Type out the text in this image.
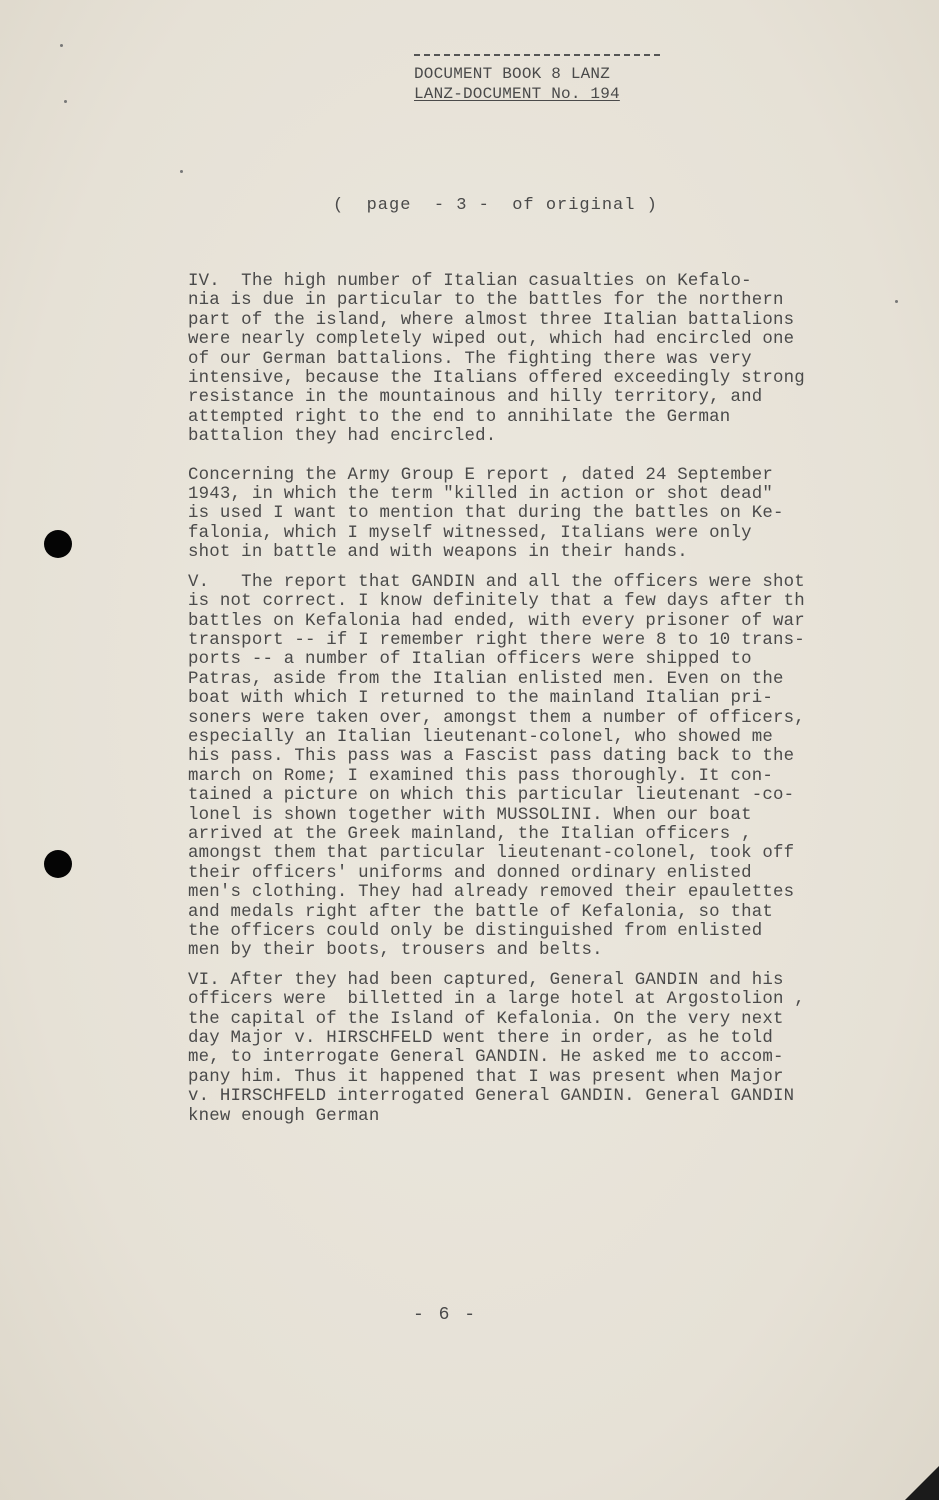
DOCUMENT BOOK 8 LANZ
LANZ-DOCUMENT No. 194
(  page  - 3 -  of original )

IV.  The high number of Italian casualties on Kefalo-
nia is due in particular to the battles for the northern
part of the island, where almost three Italian battalions
were nearly completely wiped out, which had encircled one
of our German battalions. The fighting there was very
intensive, because the Italians offered exceedingly strong
resistance in the mountainous and hilly territory, and
attempted right to the end to annihilate the German
battalion they had encircled.

Concerning the Army Group E report , dated 24 September
1943, in which the term "killed in action or shot dead"
is used I want to mention that during the battles on Ke-
falonia, which I myself witnessed, Italians were only
shot in battle and with weapons in their hands.

V.   The report that GANDIN and all the officers were shot
is not correct. I know definitely that a few days after th
battles on Kefalonia had ended, with every prisoner of war
transport -- if I remember right there were 8 to 10 trans-
ports -- a number of Italian officers were shipped to
Patras, aside from the Italian enlisted men. Even on the
boat with which I returned to the mainland Italian pri-
soners were taken over, amongst them a number of officers,
especially an Italian lieutenant-colonel, who showed me
his pass. This pass was a Fascist pass dating back to the
march on Rome; I examined this pass thoroughly. It con-
tained a picture on which this particular lieutenant -co-
lonel is shown together with MUSSOLINI. When our boat
arrived at the Greek mainland, the Italian officers ,
amongst them that particular lieutenant-colonel, took off
their officers' uniforms and donned ordinary enlisted
men's clothing. They had already removed their epaulettes
and medals right after the battle of Kefalonia, so that
the officers could only be distinguished from enlisted
men by their boots, trousers and belts.

VI. After they had been captured, General GANDIN and his
officers were  billetted in a large hotel at Argostolion ,
the capital of the Island of Kefalonia. On the very next
day Major v. HIRSCHFELD went there in order, as he told
me, to interrogate General GANDIN. He asked me to accom-
pany him. Thus it happened that I was present when Major
v. HIRSCHFELD interrogated General GANDIN. General GANDIN
knew enough German

- 6 -
